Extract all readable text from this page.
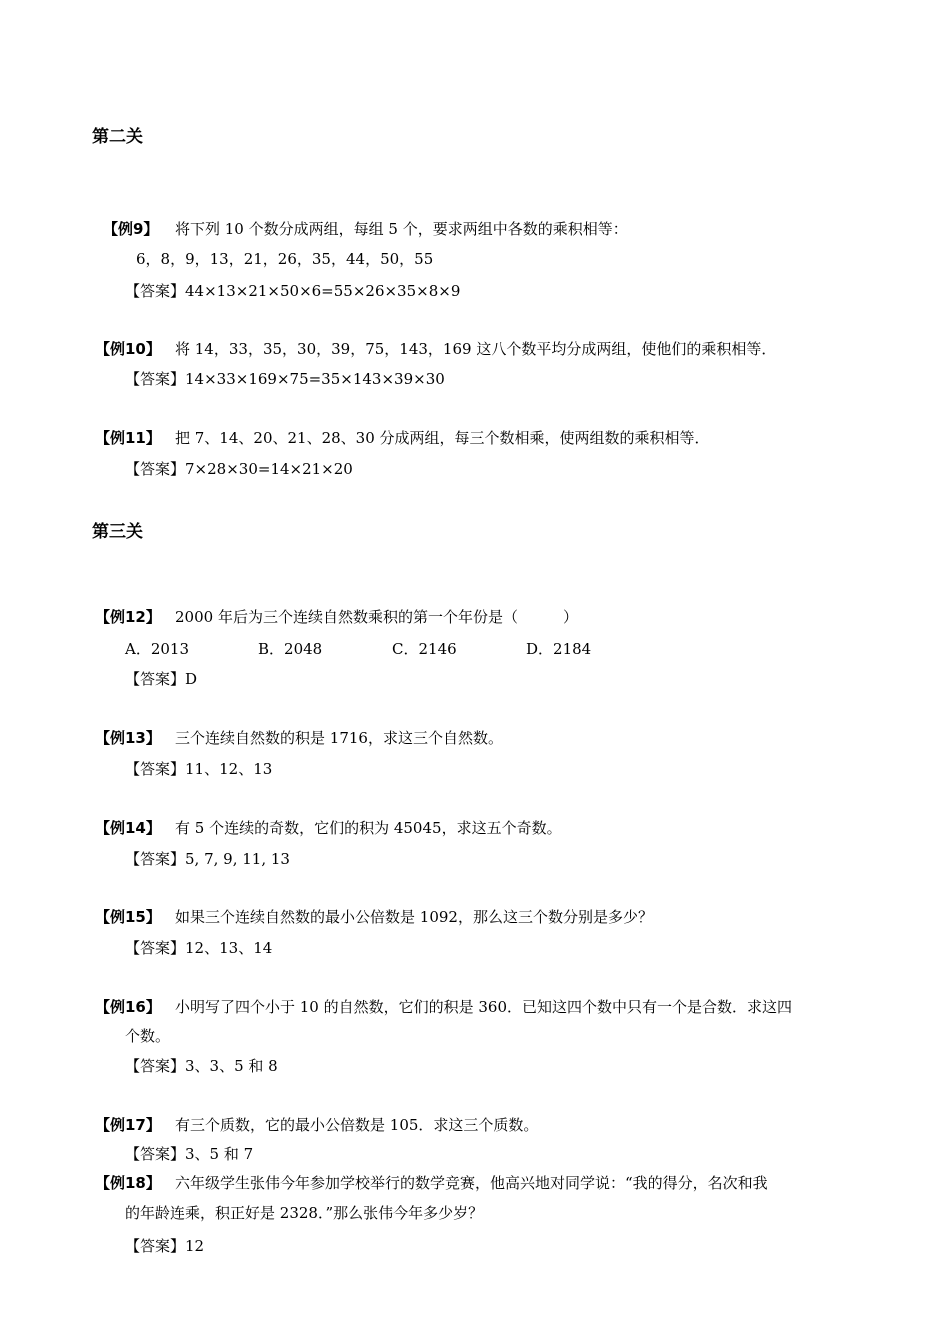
第二关
【例9】 将下列 10 个数分成两组，每组 5 个，要求两组中各数的乘积相等：
6，8，9，13，21，26，35，44，50，55
【答案】44×13×21×50×6=55×26×35×8×9
【例10】 将 14，33，35，30，39，75，143，169 这八个数平均分成两组，使他们的乘积相等．
【答案】14×33×169×75=35×143×39×30
【例11】 把 7、14、20、21、28、30 分成两组，每三个数相乘，使两组数的乘积相等．
【答案】7×28×30=14×21×20
第三关
【例12】 2000 年后为三个连续自然数乘积的第一个年份是（　　　）
A．2013	B．2048	C．2146	D．2184
【答案】D
【例13】 三个连续自然数的积是 1716，求这三个自然数。
【答案】11、12、13
【例14】 有 5 个连续的奇数，它们的积为 45045，求这五个奇数。
【答案】5, 7, 9, 11, 13
【例15】 如果三个连续自然数的最小公倍数是 1092，那么这三个数分别是多少？
【答案】12、13、14
【例16】 小明写了四个小于 10 的自然数，它们的积是 360．已知这四个数中只有一个是合数．求这四
个数。
【答案】3、3、5 和 8
【例17】 有三个质数，它的最小公倍数是 105．求这三个质数。
【答案】3、5 和 7
【例18】 六年级学生张伟今年参加学校举行的数学竞赛，他高兴地对同学说：“我的得分，名次和我
的年龄连乘，积正好是 2328．”那么张伟今年多少岁？
【答案】12
